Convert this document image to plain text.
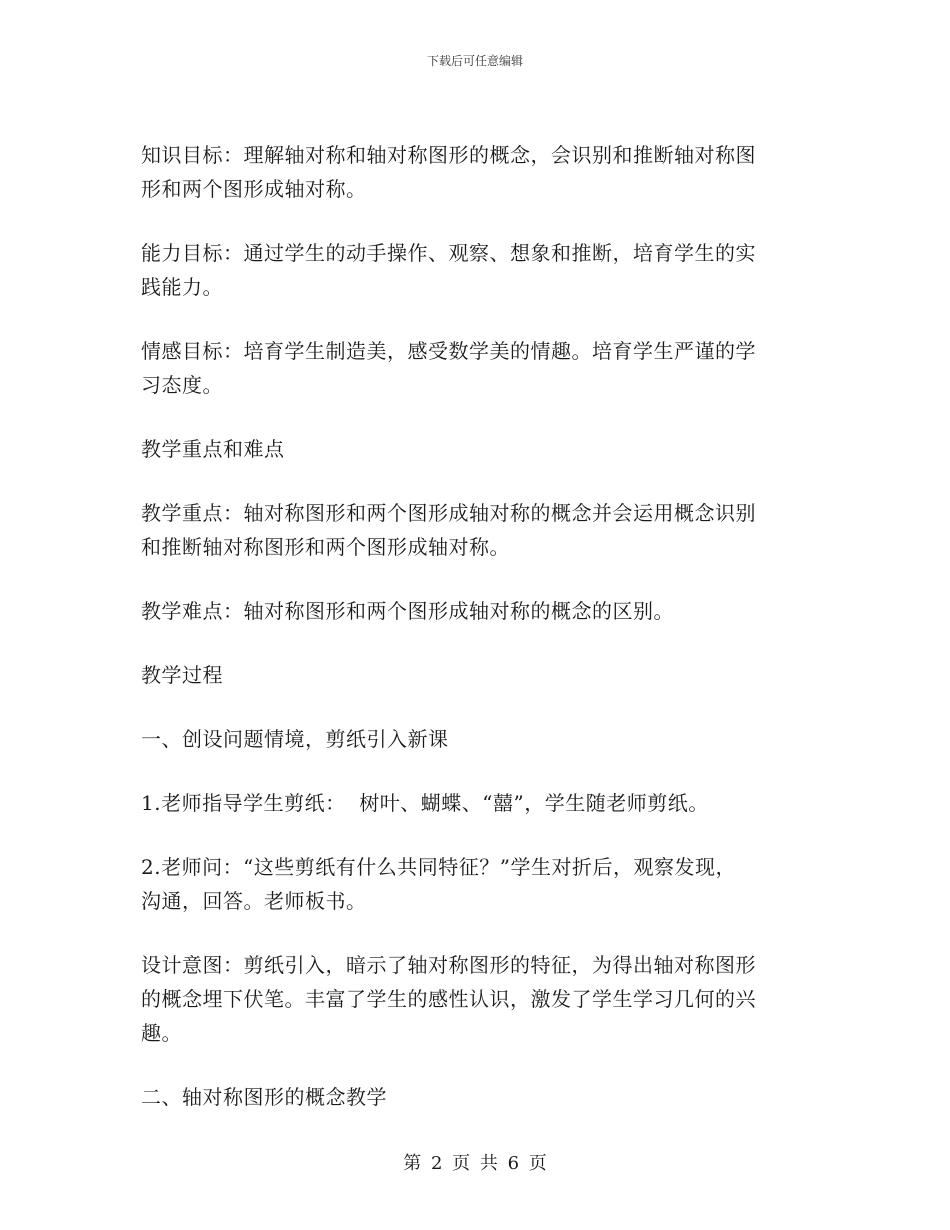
下载后可任意编辑

知识目标：理解轴对称和轴对称图形的概念，会识别和推断轴对称图
形和两个图形成轴对称。

能力目标：通过学生的动手操作、观察、想象和推断，培育学生的实
践能力。

情感目标：培育学生制造美，感受数学美的情趣。培育学生严谨的学
习态度。

教学重点和难点

教学重点：轴对称图形和两个图形成轴对称的概念并会运用概念识别
和推断轴对称图形和两个图形成轴对称。

教学难点：轴对称图形和两个图形成轴对称的概念的区别。

教学过程

一、创设问题情境，剪纸引入新课

1.老师指导学生剪纸：  树叶、蝴蝶、“囍”，学生随老师剪纸。

2.老师问：“这些剪纸有什么共同特征？”学生对折后，观察发现，
沟通，回答。老师板书。

设计意图：剪纸引入，暗示了轴对称图形的特征，为得出轴对称图形
的概念埋下伏笔。丰富了学生的感性认识，激发了学生学习几何的兴
趣。

二、轴对称图形的概念教学

第 2 页 共 6 页
